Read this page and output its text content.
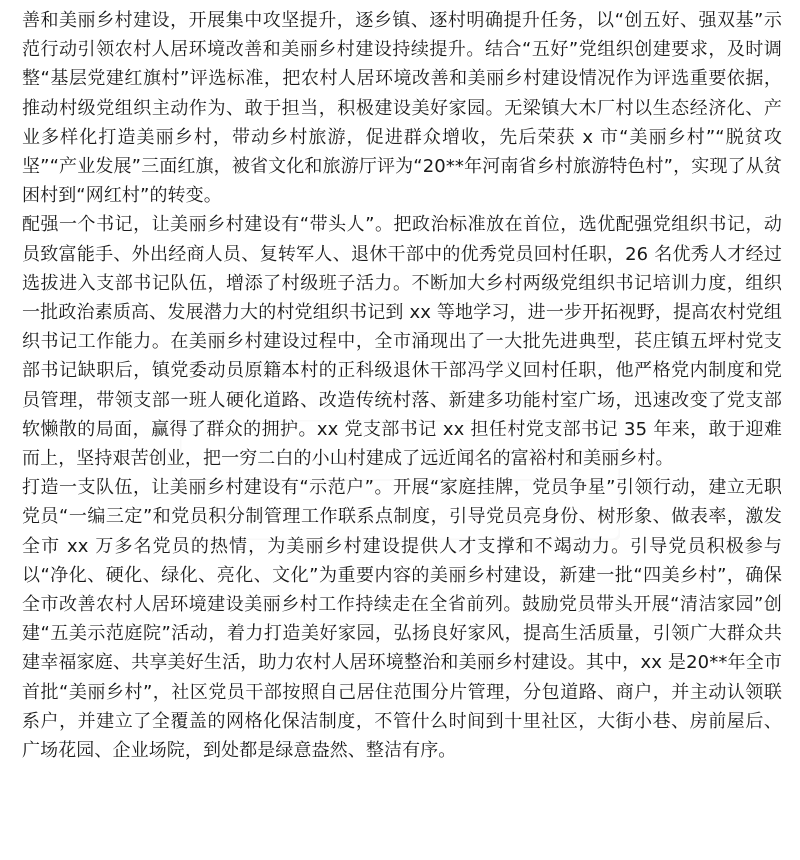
善和美丽乡村建设，开展集中攻坚提升，逐乡镇、逐村明确提升任务，以“创五好、强双基”示范行动引领农村人居环境改善和美丽乡村建设持续提升。结合“五好”党组织创建要求，及时调整“基层党建红旗村”评选标准，把农村人居环境改善和美丽乡村建设情况作为评选重要依据，推动村级党组织主动作为、敢于担当，积极建设美好家园。无梁镇大木厂村以生态经济化、产业多样化打造美丽乡村，带动乡村旅游，促进群众增收，先后荣获 x 市“美丽乡村”“脱贫攻坚”“产业发展”三面红旗，被省文化和旅游厅评为“20**年河南省乡村旅游特色村”，实现了从贫困村到“网红村”的转变。

配强一个书记，让美丽乡村建设有“带头人”。把政治标准放在首位，选优配强党组织书记，动员致富能手、外出经商人员、复转军人、退休干部中的优秀党员回村任职，26 名优秀人才经过选拔进入支部书记队伍，增添了村级班子活力。不断加大乡村两级党组织书记培训力度，组织一批政治素质高、发展潜力大的村党组织书记到 xx 等地学习，进一步开拓视野，提高农村党组织书记工作能力。在美丽乡村建设过程中，全市涌现出了一大批先进典型，苌庄镇五坪村党支部书记缺职后，镇党委动员原籍本村的正科级退休干部冯学义回村任职，他严格党内制度和党员管理，带领支部一班人硬化道路、改造传统村落、新建多功能村室广场，迅速改变了党支部软懒散的局面，赢得了群众的拥护。xx 党支部书记 xx 担任村党支部书记 35 年来，敢于迎难而上，坚持艰苦创业，把一穷二白的小山村建成了远近闻名的富裕村和美丽乡村。

打造一支队伍，让美丽乡村建设有“示范户”。开展“家庭挂牌，党员争星”引领行动，建立无职党员“一编三定”和党员积分制管理工作联系点制度，引导党员亮身份、树形象、做表率，激发全市 xx 万多名党员的热情，为美丽乡村建设提供人才支撑和不竭动力。引导党员积极参与以“净化、硬化、绿化、亮化、文化”为重要内容的美丽乡村建设，新建一批“四美乡村”，确保全市改善农村人居环境建设美丽乡村工作持续走在全省前列。鼓励党员带头开展“清洁家园”创建“五美示范庭院”活动，着力打造美好家园，弘扬良好家风，提高生活质量，引领广大群众共建幸福家庭、共享美好生活，助力农村人居环境整治和美丽乡村建设。其中，xx 是20**年全市首批“美丽乡村”，社区党员干部按照自己居住范围分片管理，分包道路、商户，并主动认领联系户，并建立了全覆盖的网格化保洁制度，不管什么时间到十里社区，大街小巷、房前屋后、广场花园、企业场院，到处都是绿意盎然、整洁有序。
